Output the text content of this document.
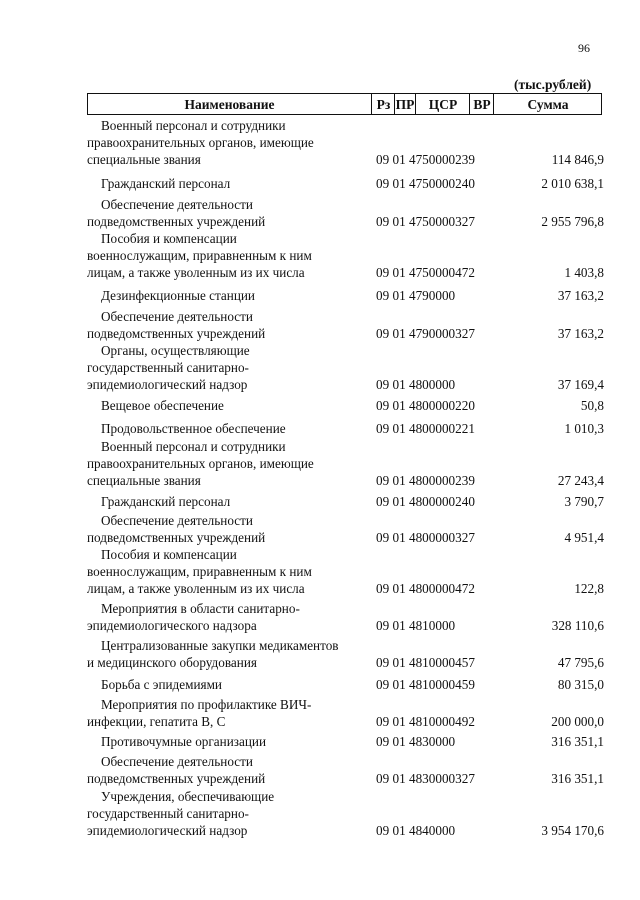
96
(тыс.рублей)
Наименование	Рз ПР	ЦСР	ВР	Сумма
Военный персонал и сотрудники
правоохранительных органов, имеющие
специальные звания	09 01 4750000239	114 846,9
Гражданский персонал	09 01 4750000240	2 010 638,1
Обеспечение деятельности
подведомственных учреждений	09 01 4750000327	2 955 796,8
Пособия и компенсации
военнослужащим, приравненным к ним
лицам, а также уволенным из их числа	09 01 4750000472	1 403,8
Дезинфекционные станции	09 01 4790000	37 163,2
Обеспечение деятельности
подведомственных учреждений	09 01 4790000327	37 163,2
Органы, осуществляющие
государственный санитарно-
эпидемиологический надзор	09 01 4800000	37 169,4
Вещевое обеспечение	09 01 4800000220	50,8
Продовольственное обеспечение	09 01 4800000221	1 010,3
Военный персонал и сотрудники
правоохранительных органов, имеющие
специальные звания	09 01 4800000239	27 243,4
Гражданский персонал	09 01 4800000240	3 790,7
Обеспечение деятельности
подведомственных учреждений	09 01 4800000327	4 951,4
Пособия и компенсации
военнослужащим, приравненным к ним
лицам, а также уволенным из их числа	09 01 4800000472	122,8
Мероприятия в области санитарно-
эпидемиологического надзора	09 01 4810000	328 110,6
Централизованные закупки медикаментов
и медицинского оборудования	09 01 4810000457	47 795,6
Борьба с эпидемиями	09 01 4810000459	80 315,0
Мероприятия по профилактике ВИЧ-
инфекции, гепатита В, С	09 01 4810000492	200 000,0
Противочумные организации	09 01 4830000	316 351,1
Обеспечение деятельности
подведомственных учреждений	09 01 4830000327	316 351,1
Учреждения, обеспечивающие
государственный санитарно-
эпидемиологический надзор	09 01 4840000	3 954 170,6
